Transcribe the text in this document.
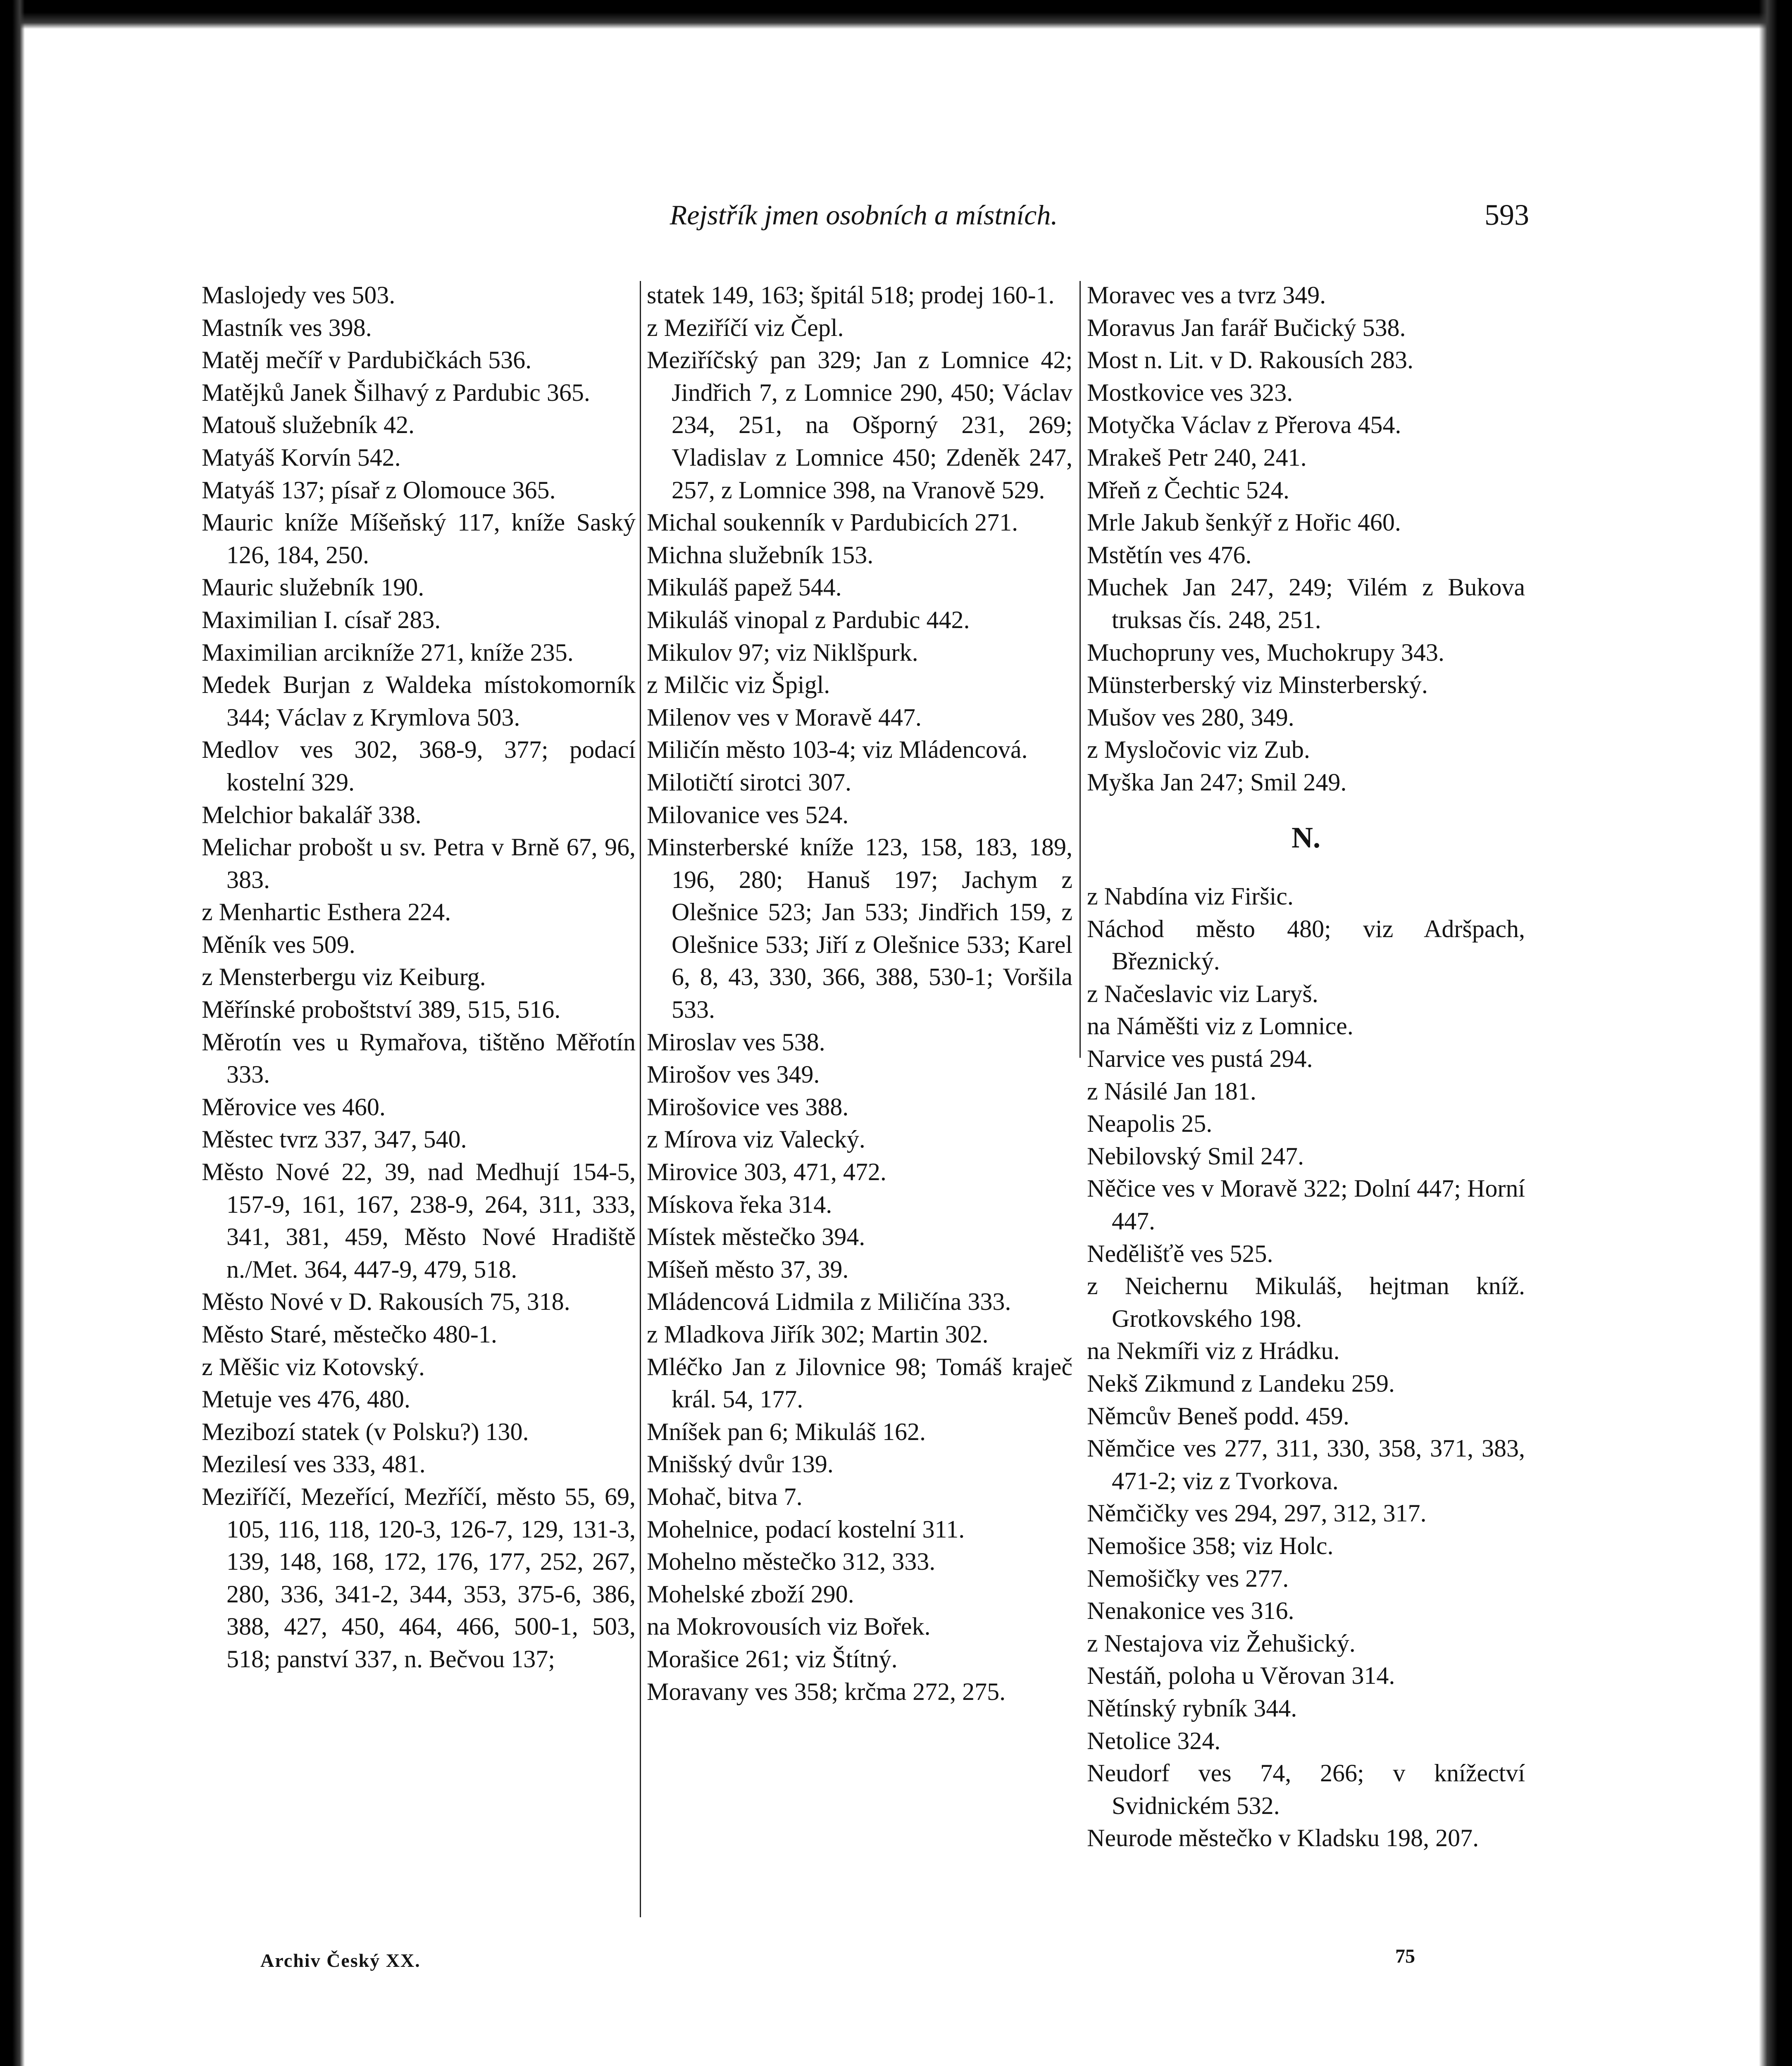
Rejstřík jmen osobních a místních.	593

Maslojedy ves 503.

Mastník ves 398.

Matěj mečíř v Pardubičkách 536.

Matějků Janek Šilhavý z Pardubic 365.

Matouš služebník 42.

Matyáš Korvín 542.

Matyáš 137; písař z Olomouce 365.

Mauric kníže Míšeňský 117, kníže Saský 126, 184, 250.

Mauric služebník 190.

Maximilian I. císař 283.

Maximilian arcikníže 271, kníže 235.

Medek Burjan z Waldeka místokomorník 344; Václav z Krymlova 503.

Medlov ves 302, 368-9, 377; podací kostelní 329.

Melchior bakalář 338.

Melichar probošt u sv. Petra v Brně 67, 96, 383.

z Menhartic Esthera 224.

Měník ves 509.

z Mensterbergu viz Keiburg.

Měřínské proboštství 389, 515, 516.

Měrotín ves u Rymařova, tištěno Měřotín 333.

Měrovice ves 460.

Městec tvrz 337, 347, 540.

Město Nové 22, 39, nad Medhují 154-5, 157-9, 161, 167, 238-9, 264, 311, 333, 341, 381, 459, Město Nové Hradiště n./Met. 364, 447-9, 479, 518.

Město Nové v D. Rakousích 75, 318.

Město Staré, městečko 480-1.

z Měšic viz Kotovský.

Metuje ves 476, 480.

Mezibozí statek (v Polsku?) 130.

Mezilesí ves 333, 481.

Meziříčí, Mezeřící, Mezříčí, město 55, 69, 105, 116, 118, 120-3, 126-7, 129, 131-3, 139, 148, 168, 172, 176, 177, 252, 267, 280, 336, 341-2, 344, 353, 375-6, 386, 388, 427, 450, 464, 466, 500-1, 503, 518; panství 337, n. Bečvou 137;

statek 149, 163; špitál 518; prodej 160-1.

z Meziříčí viz Čepl.

Meziříčský pan 329; Jan z Lomnice 42; Jindřich 7, z Lomnice 290, 450; Václav 234, 251, na Ošporný 231, 269; Vladislav z Lomnice 450; Zdeněk 247, 257, z Lomnice 398, na Vranově 529.

Michal soukenník v Pardubicích 271.

Michna služebník 153.

Mikuláš papež 544.

Mikuláš vinopal z Pardubic 442.

Mikulov 97; viz Niklšpurk.

z Milčic viz Špigl.

Milenov ves v Moravě 447.

Miličín město 103-4; viz Mládencová.

Milotičtí sirotci 307.

Milovanice ves 524.

Minsterberské kníže 123, 158, 183, 189, 196, 280; Hanuš 197; Jachym z Olešnice 523; Jan 533; Jindřich 159, z Olešnice 533; Jiří z Olešnice 533; Karel 6, 8, 43, 330, 366, 388, 530-1; Voršila 533.

Miroslav ves 538.

Mirošov ves 349.

Mirošovice ves 388.

z Mírova viz Valecký.

Mirovice 303, 471, 472.

Mískova řeka 314.

Místek městečko 394.

Míšeň město 37, 39.

Mládencová Lidmila z Miličína 333.

z Mladkova Jiřík 302; Martin 302.

Mléčko Jan z Jilovnice 98; Tomáš kraječ král. 54, 177.

Mníšek pan 6; Mikuláš 162.

Mnišský dvůr 139.

Mohač, bitva 7.

Mohelnice, podací kostelní 311.

Mohelno městečko 312, 333.

Mohelské zboží 290.

na Mokrovousích viz Bořek.

Morašice 261; viz Štítný.

Moravany ves 358; krčma 272, 275.

Moravec ves a tvrz 349.

Moravus Jan farář Bučický 538.

Most n. Lit. v D. Rakousích 283.

Mostkovice ves 323.

Motyčka Václav z Přerova 454.

Mrakeš Petr 240, 241.

Mřeň z Čechtic 524.

Mrle Jakub šenkýř z Hořic 460.

Mstětín ves 476.

Muchek Jan 247, 249; Vilém z Bukova truksas čís. 248, 251.

Muchopruny ves, Muchokrupy 343.

Münsterberský viz Minsterberský.

Mušov ves 280, 349.

z Mysločovic viz Zub.

Myška Jan 247; Smil 249.

N.

z Nabdína viz Firšic.

Náchod město 480; viz Adršpach, Březnický.

z Načeslavic viz Laryš.

na Náměšti viz z Lomnice.

Narvice ves pustá 294.

z Násilé Jan 181.

Neapolis 25.

Nebilovský Smil 247.

Něčice ves v Moravě 322; Dolní 447; Horní 447.

Nedělišťě ves 525.

z Neichernu Mikuláš, hejtman kníž. Grotkovského 198.

na Nekmíři viz z Hrádku.

Nekš Zikmund z Landeku 259.

Němcův Beneš podd. 459.

Němčice ves 277, 311, 330, 358, 371, 383, 471-2; viz z Tvorkova.

Němčičky ves 294, 297, 312, 317.

Nemošice 358; viz Holc.

Nemošičky ves 277.

Nenakonice ves 316.

z Nestajova viz Žehušický.

Nestáň, poloha u Věrovan 314.

Nětínský rybník 344.

Netolice 324.

Neudorf ves 74, 266; v knížectví Svidnickém 532.

Neurode městečko v Kladsku 198, 207.

Archiv Český XX.	75
